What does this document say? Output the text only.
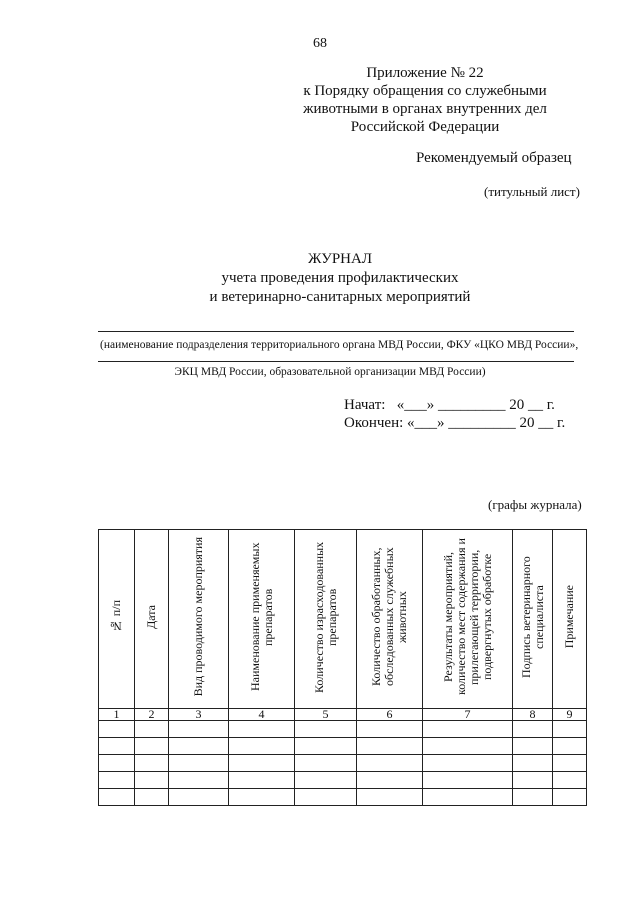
68
Приложение № 22
к Порядку обращения со служебными
животными в органах внутренних дел
Российской Федерации
Рекомендуемый образец
(титульный лист)
ЖУРНАЛ
учета проведения профилактических
и ветеринарно-санитарных мероприятий
(наименование подразделения территориального органа МВД России, ФКУ «ЦКО МВД России»,
ЭКЦ МВД России, образовательной организации МВД России)
Начат: «___» _________ 20 __ г.
Окончен: «___» _________ 20 __ г.
(графы журнала)
№ п/п	Дата	Вид проводимого мероприятия	Наименование применяемых препаратов	Количество израсходованных препаратов	Количество обработанных, обследованных служебных животных	Результаты мероприятий, количество мест содержания и прилегающей территории, подвергнутых обработке	Подпись ветеринарного специалиста	Примечание
1	2	3	4	5	6	7	8	9
